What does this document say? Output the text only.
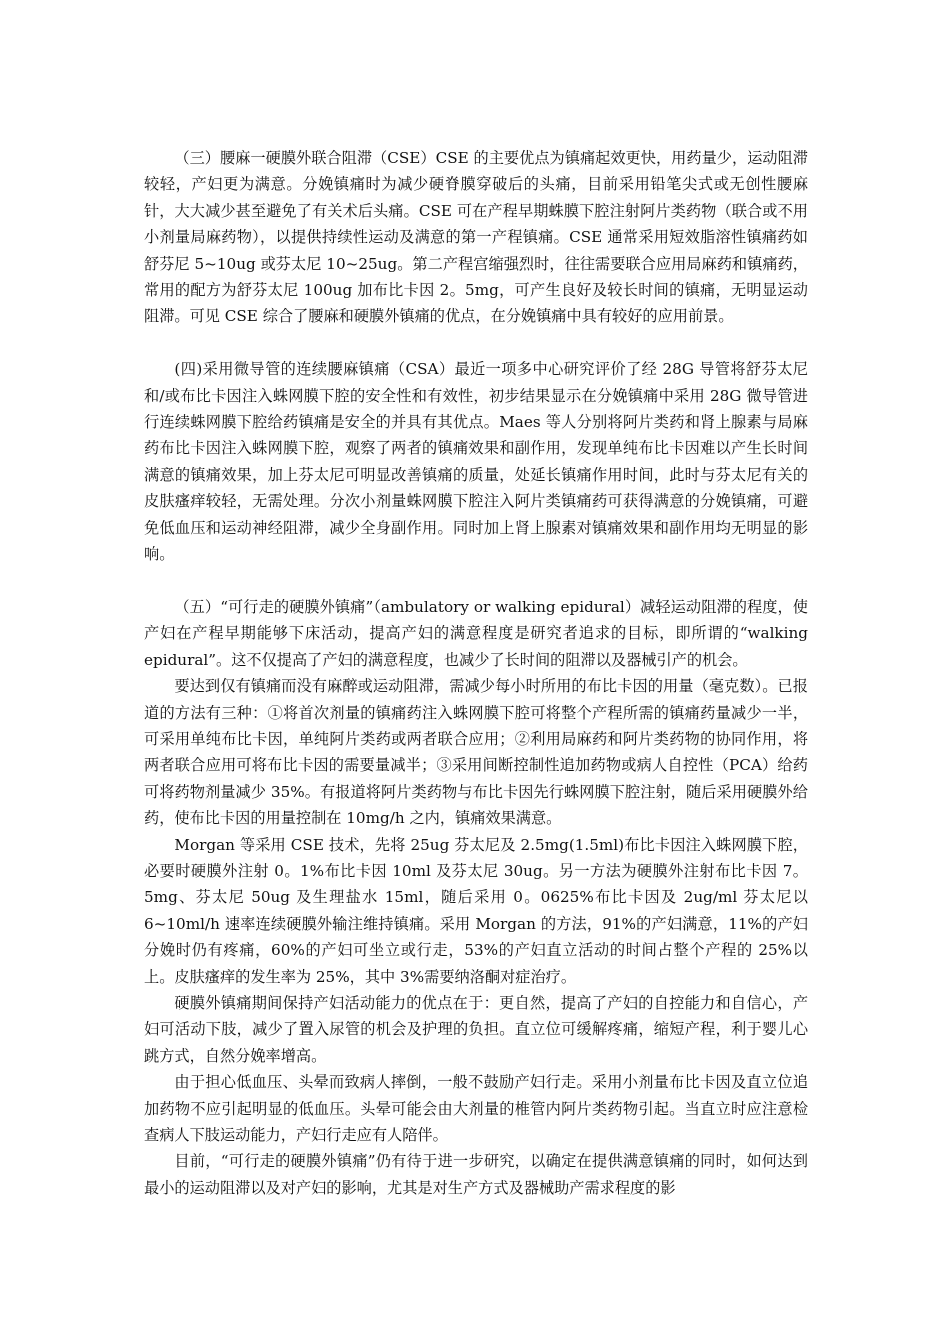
（三）腰麻一硬膜外联合阻滞（CSE）CSE 的主要优点为镇痛起效更快，用药量少，运动阻滞较轻，产妇更为满意。分娩镇痛时为减少硬脊膜穿破后的头痛，目前采用铅笔尖式或无创性腰麻针，大大减少甚至避免了有关术后头痛。CSE 可在产程早期蛛膜下腔注射阿片类药物（联合或不用小剂量局麻药物），以提供持续性运动及满意的第一产程镇痛。CSE 通常采用短效脂溶性镇痛药如舒芬尼 5~10ug 或芬太尼 10~25ug。第二产程宫缩强烈时，往往需要联合应用局麻药和镇痛药，常用的配方为舒芬太尼 100ug 加布比卡因 2。5mg，可产生良好及较长时间的镇痛，无明显运动阻滞。可见 CSE 综合了腰麻和硬膜外镇痛的优点，在分娩镇痛中具有较好的应用前景。

(四)采用微导管的连续腰麻镇痛（CSA）最近一项多中心研究评价了经 28G 导管将舒芬太尼和/或布比卡因注入蛛网膜下腔的安全性和有效性，初步结果显示在分娩镇痛中采用 28G 微导管进行连续蛛网膜下腔给药镇痛是安全的并具有其优点。Maes 等人分别将阿片类药和肾上腺素与局麻药布比卡因注入蛛网膜下腔，观察了两者的镇痛效果和副作用，发现单纯布比卡因难以产生长时间满意的镇痛效果，加上芬太尼可明显改善镇痛的质量，处延长镇痛作用时间，此时与芬太尼有关的皮肤瘙痒较轻，无需处理。分次小剂量蛛网膜下腔注入阿片类镇痛药可获得满意的分娩镇痛，可避免低血压和运动神经阻滞，减少全身副作用。同时加上肾上腺素对镇痛效果和副作用均无明显的影响。

（五）“可行走的硬膜外镇痛”（ambulatory or walking epidural）减轻运动阻滞的程度，使产妇在产程早期能够下床活动，提高产妇的满意程度是研究者追求的目标，即所谓的“walking epidural”。这不仅提高了产妇的满意程度，也减少了长时间的阻滞以及器械引产的机会。

要达到仅有镇痛而没有麻醉或运动阻滞，需减少每小时所用的布比卡因的用量（毫克数）。已报道的方法有三种：①将首次剂量的镇痛药注入蛛网膜下腔可将整个产程所需的镇痛药量减少一半，可采用单纯布比卡因，单纯阿片类药或两者联合应用；②利用局麻药和阿片类药物的协同作用，将两者联合应用可将布比卡因的需要量减半；③采用间断控制性追加药物或病人自控性（PCA）给药可将药物剂量减少 35%。有报道将阿片类药物与布比卡因先行蛛网膜下腔注射，随后采用硬膜外给药，使布比卡因的用量控制在 10mg/h 之内，镇痛效果满意。

Morgan 等采用 CSE 技术，先将 25ug 芬太尼及 2.5mg(1.5ml)布比卡因注入蛛网膜下腔，必要时硬膜外注射 0。1%布比卡因 10ml 及芬太尼 30ug。另一方法为硬膜外注射布比卡因 7。5mg、芬太尼 50ug 及生理盐水 15ml，随后采用 0。0625%布比卡因及 2ug/ml 芬太尼以 6~10ml/h 速率连续硬膜外输注维持镇痛。采用 Morgan 的方法，91%的产妇满意，11%的产妇分娩时仍有疼痛，60%的产妇可坐立或行走，53%的产妇直立活动的时间占整个产程的 25%以上。皮肤瘙痒的发生率为 25%，其中 3%需要纳洛酮对症治疗。

硬膜外镇痛期间保持产妇活动能力的优点在于：更自然，提高了产妇的自控能力和自信心，产妇可活动下肢，减少了置入尿管的机会及护理的负担。直立位可缓解疼痛，缩短产程，利于婴儿心跳方式，自然分娩率增高。

由于担心低血压、头晕而致病人摔倒，一般不鼓励产妇行走。采用小剂量布比卡因及直立位追加药物不应引起明显的低血压。头晕可能会由大剂量的椎管内阿片类药物引起。当直立时应注意检查病人下肢运动能力，产妇行走应有人陪伴。

目前，“可行走的硬膜外镇痛”仍有待于进一步研究，以确定在提供满意镇痛的同时，如何达到最小的运动阻滞以及对产妇的影响，尤其是对生产方式及器械助产需求程度的影
